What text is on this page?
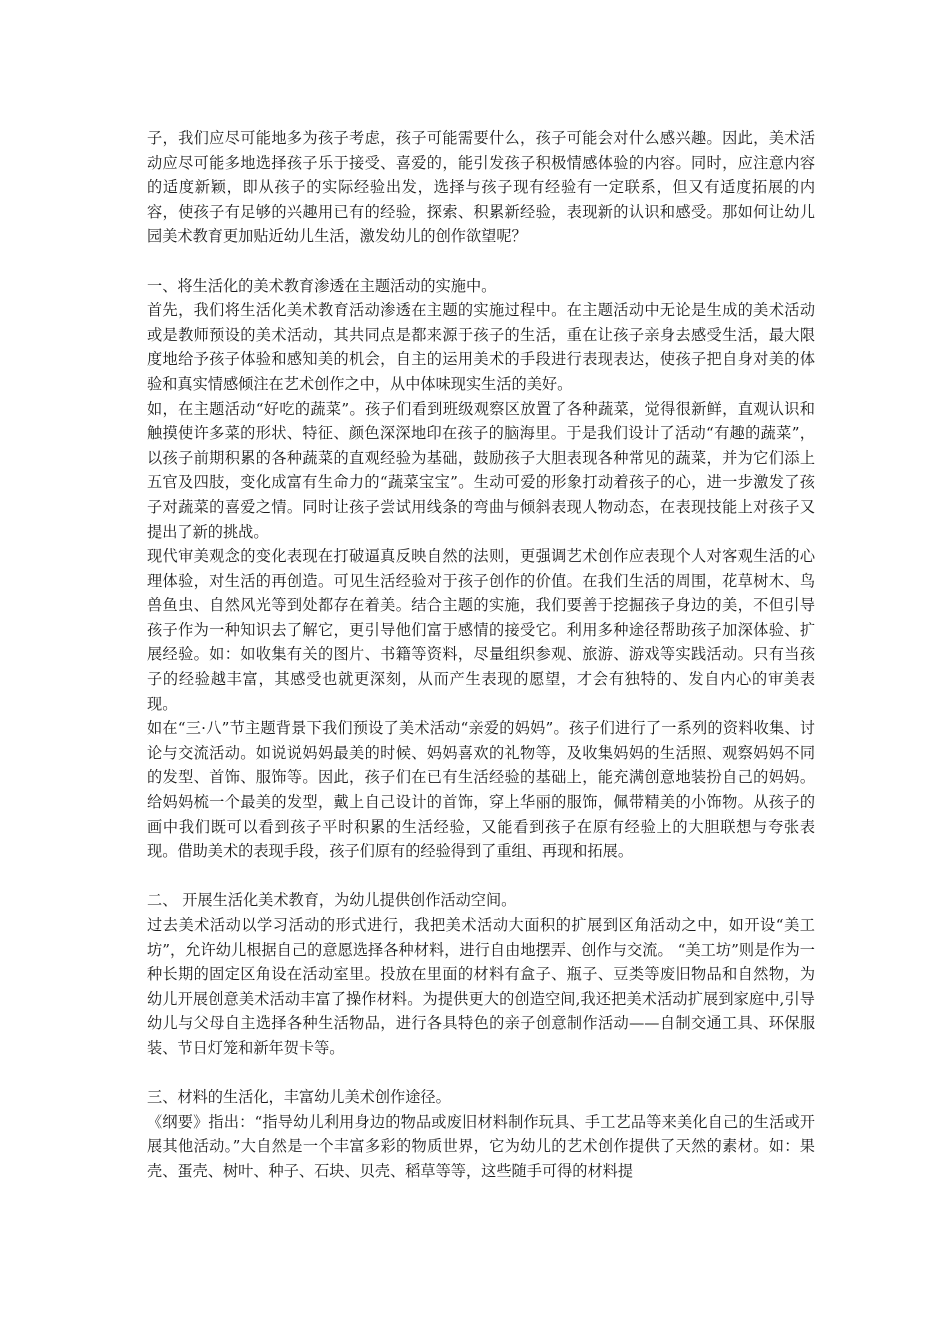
子，我们应尽可能地多为孩子考虑，孩子可能需要什么，孩子可能会对什么感兴趣。因此，美术活动应尽可能多地选择孩子乐于接受、喜爱的，能引发孩子积极情感体验的内容。同时，应注意内容的适度新颖，即从孩子的实际经验出发，选择与孩子现有经验有一定联系，但又有适度拓展的内容，使孩子有足够的兴趣用已有的经验，探索、积累新经验，表现新的认识和感受。那如何让幼儿园美术教育更加贴近幼儿生活，激发幼儿的创作欲望呢？

一、将生活化的美术教育渗透在主题活动的实施中。

首先，我们将生活化美术教育活动渗透在主题的实施过程中。在主题活动中无论是生成的美术活动或是教师预设的美术活动，其共同点是都来源于孩子的生活，重在让孩子亲身去感受生活，最大限度地给予孩子体验和感知美的机会，自主的运用美术的手段进行表现表达，使孩子把自身对美的体验和真实情感倾注在艺术创作之中，从中体味现实生活的美好。

如，在主题活动“好吃的蔬菜”。孩子们看到班级观察区放置了各种蔬菜，觉得很新鲜，直观认识和触摸使许多菜的形状、特征、颜色深深地印在孩子的脑海里。于是我们设计了活动“有趣的蔬菜”，以孩子前期积累的各种蔬菜的直观经验为基础，鼓励孩子大胆表现各种常见的蔬菜，并为它们添上五官及四肢，变化成富有生命力的“蔬菜宝宝”。生动可爱的形象打动着孩子的心，进一步激发了孩子对蔬菜的喜爱之情。同时让孩子尝试用线条的弯曲与倾斜表现人物动态，在表现技能上对孩子又提出了新的挑战。

现代审美观念的变化表现在打破逼真反映自然的法则，更强调艺术创作应表现个人对客观生活的心理体验，对生活的再创造。可见生活经验对于孩子创作的价值。在我们生活的周围，花草树木、鸟兽鱼虫、自然风光等到处都存在着美。结合主题的实施，我们要善于挖掘孩子身边的美，不但引导孩子作为一种知识去了解它，更引导他们富于感情的接受它。利用多种途径帮助孩子加深体验、扩展经验。如：如收集有关的图片、书籍等资料，尽量组织参观、旅游、游戏等实践活动。只有当孩子的经验越丰富，其感受也就更深刻，从而产生表现的愿望，才会有独特的、发自内心的审美表现。

如在“三·八”节主题背景下我们预设了美术活动“亲爱的妈妈”。孩子们进行了一系列的资料收集、讨论与交流活动。如说说妈妈最美的时候、妈妈喜欢的礼物等，及收集妈妈的生活照、观察妈妈不同的发型、首饰、服饰等。因此，孩子们在已有生活经验的基础上，能充满创意地装扮自己的妈妈。给妈妈梳一个最美的发型，戴上自己设计的首饰，穿上华丽的服饰，佩带精美的小饰物。从孩子的画中我们既可以看到孩子平时积累的生活经验，又能看到孩子在原有经验上的大胆联想与夸张表现。借助美术的表现手段，孩子们原有的经验得到了重组、再现和拓展。

二、 开展生活化美术教育，为幼儿提供创作活动空间。

过去美术活动以学习活动的形式进行，我把美术活动大面积的扩展到区角活动之中，如开设“美工坊”，允许幼儿根据自己的意愿选择各种材料，进行自由地摆弄、创作与交流。 “美工坊”则是作为一种长期的固定区角设在活动室里。投放在里面的材料有盒子、瓶子、豆类等废旧物品和自然物，为幼儿开展创意美术活动丰富了操作材料。为提供更大的创造空间,我还把美术活动扩展到家庭中,引导幼儿与父母自主选择各种生活物品，进行各具特色的亲子创意制作活动——自制交通工具、环保服装、节日灯笼和新年贺卡等。

三、材料的生活化，丰富幼儿美术创作途径。

《纲要》指出：“指导幼儿利用身边的物品或废旧材料制作玩具、手工艺品等来美化自己的生活或开展其他活动。”大自然是一个丰富多彩的物质世界，它为幼儿的艺术创作提供了天然的素材。如：果壳、蛋壳、树叶、种子、石块、贝壳、稻草等等，这些随手可得的材料提
